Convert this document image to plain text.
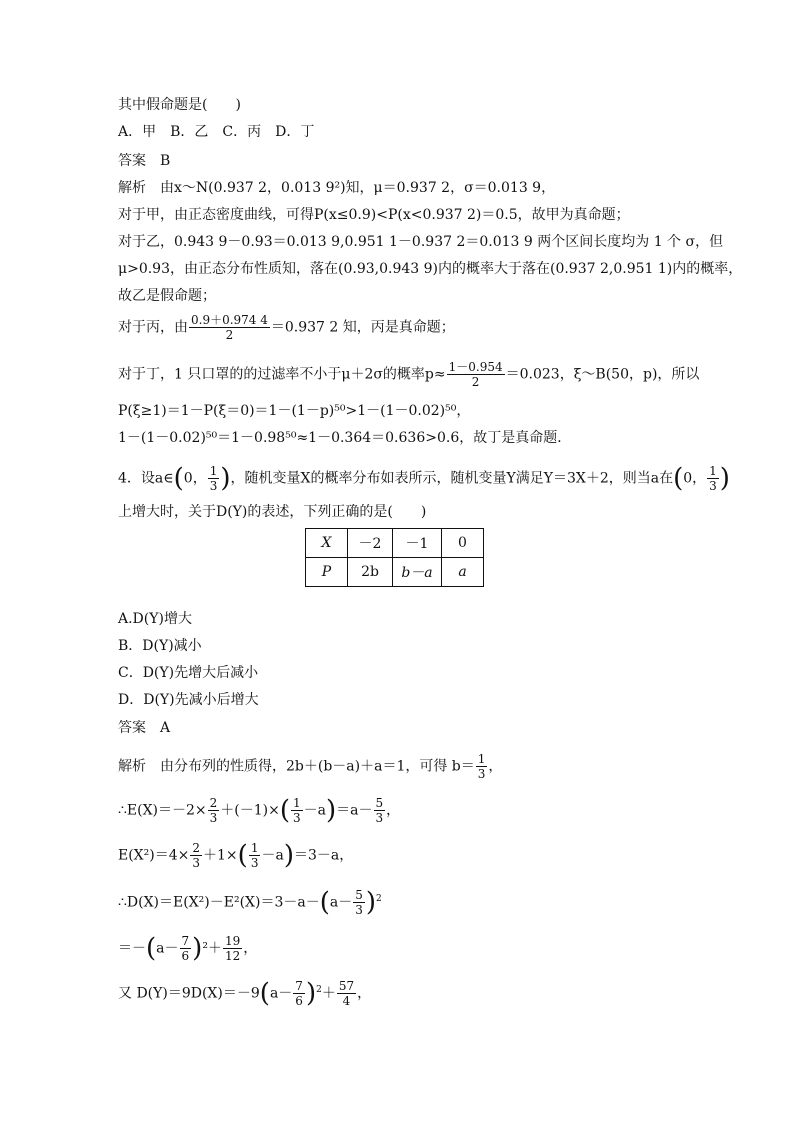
其中假命题是(　　)
A．甲　B．乙　C．丙　D．丁
答案　B
解析　由x～N(0.937 2，0.013 9²)知，μ＝0.937 2，σ＝0.013 9，
对于甲，由正态密度曲线，可得P(x≤0.9)<P(x<0.937 2)＝0.5，故甲为真命题；
对于乙，0.943 9－0.93＝0.013 9,0.951 1－0.937 2＝0.013 9 两个区间长度均为 1 个 σ，但
μ>0.93，由正态分布性质知，落在(0.93,0.943 9)内的概率大于落在(0.937 2,0.951 1)内的概率，
故乙是假命题；
对于丙，由 $\frac{0.9+0.974 4}{2} =0.937$ 2 知，丙是真命题；
对于丁，1 只口罩的的过滤率不小于μ＋2σ的概率$p\approx \frac{1-0.954}{2} =0.023$，ξ～B(50，p)，所以
P(ξ≥1)＝1－P(ξ＝0)＝1－(1－p)⁵⁰>1－(1－0.02)⁵⁰，
1－(1－0.02)⁵⁰＝1－0.98⁵⁰≈1－0.364＝0.636>0.6，故丁是真命题．
4．设a∈(0， $\frac{1}{3}$ )，随机变量X的概率分布如表所示，随机变量Y满足Y＝3X＋2，则当a在(0， $\frac{1}{3}$ )
上增大时，关于D(Y)的表述，下列正确的是(　　)
X	－2	－1	0
P	2b	b－a	a
A.D(Y)增大
B．D(Y)减小
C．D(Y)先增大后减小
D．D(Y)先减小后增大
答案　A
解析　由分布列的性质得，2b＋(b－a)＋a＝1，可得 $b= \frac{1}{3}$ ，
∴E(X)＝－2× $\frac{2}{3} +(-1)\times( \frac{1}{3} -a)=a- \frac{5}{3}$ ，
$E(X^2)=4\times \frac{2}{3} +1\times( \frac{1}{3} -a)=3-a$，
∴D(X)＝E(X²)－E²(X)＝3－a－(a－ $\frac{5}{3} )^2$
$=-(a- \frac{7}{6} )^2+ \frac{19}{12}$ ，
又 $D(Y)=9D(X)=-9(a- \frac{7}{6} )^2+ \frac{57}{4}$ ，
